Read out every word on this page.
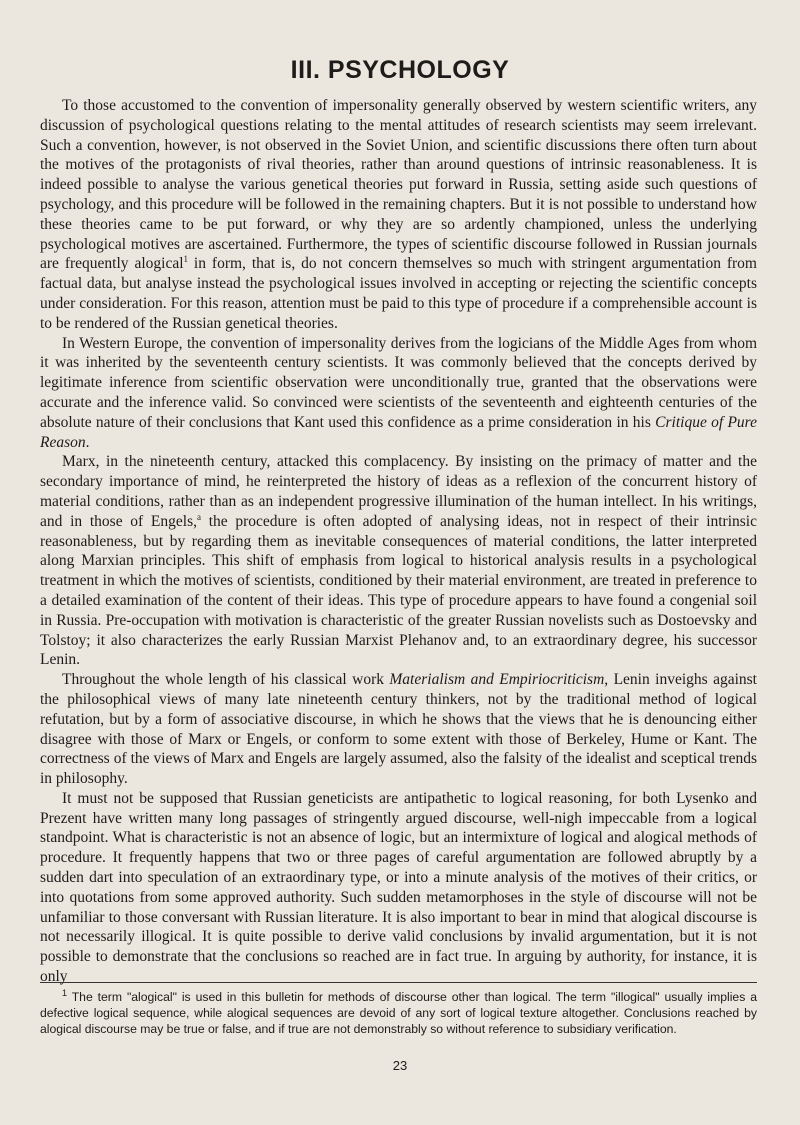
III. PSYCHOLOGY

To those accustomed to the convention of impersonality generally observed by western scientific writers, any discussion of psychological questions relating to the mental attitudes of research scientists may seem irrelevant. Such a convention, however, is not observed in the Soviet Union, and scientific discussions there often turn about the motives of the protagonists of rival theories, rather than around questions of intrinsic reasonableness. It is indeed possible to analyse the various genetical theories put forward in Russia, setting aside such questions of psychology, and this procedure will be followed in the remaining chapters. But it is not possible to understand how these theories came to be put forward, or why they are so ardently championed, unless the underlying psychological motives are ascertained. Furthermore, the types of scientific discourse followed in Russian journals are frequently alogical$^1$ in form, that is, do not concern themselves so much with stringent argumentation from factual data, but analyse instead the psychological issues involved in accepting or rejecting the scientific concepts under consideration. For this reason, attention must be paid to this type of procedure if a comprehensible account is to be rendered of the Russian genetical theories.

In Western Europe, the convention of impersonality derives from the logicians of the Middle Ages from whom it was inherited by the seventeenth century scientists. It was commonly believed that the concepts derived by legitimate inference from scientific observation were unconditionally true, granted that the observations were accurate and the inference valid. So convinced were scientists of the seventeenth and eighteenth centuries of the absolute nature of their conclusions that Kant used this confidence as a prime consideration in his Critique of Pure Reason.

Marx, in the nineteenth century, attacked this complacency. By insisting on the primacy of matter and the secondary importance of mind, he reinterpreted the history of ideas as a reflexion of the concurrent history of material conditions, rather than as an independent progressive illumination of the human intellect. In his writings, and in those of Engels,$^a$ the procedure is often adopted of analysing ideas, not in respect of their intrinsic reasonableness, but by regarding them as inevitable consequences of material conditions, the latter interpreted along Marxian principles. This shift of emphasis from logical to historical analysis results in a psychological treatment in which the motives of scientists, conditioned by their material environment, are treated in preference to a detailed examination of the content of their ideas. This type of procedure appears to have found a congenial soil in Russia. Pre-occupation with motivation is characteristic of the greater Russian novelists such as Dostoevsky and Tolstoy; it also characterizes the early Russian Marxist Plehanov and, to an extraordinary degree, his successor Lenin.

Throughout the whole length of his classical work Materialism and Empiriocriticism, Lenin inveighs against the philosophical views of many late nineteenth century thinkers, not by the traditional method of logical refutation, but by a form of associative discourse, in which he shows that the views that he is denouncing either disagree with those of Marx or Engels, or conform to some extent with those of Berkeley, Hume or Kant. The correctness of the views of Marx and Engels are largely assumed, also the falsity of the idealist and sceptical trends in philosophy.

It must not be supposed that Russian geneticists are antipathetic to logical reasoning, for both Lysenko and Prezent have written many long passages of stringently argued discourse, well-nigh impeccable from a logical standpoint. What is characteristic is not an absence of logic, but an intermixture of logical and alogical methods of procedure. It frequently happens that two or three pages of careful argumentation are followed abruptly by a sudden dart into speculation of an extraordinary type, or into a minute analysis of the motives of their critics, or into quotations from some approved authority. Such sudden metamorphoses in the style of discourse will not be unfamiliar to those conversant with Russian literature. It is also important to bear in mind that alogical discourse is not necessarily illogical. It is quite possible to derive valid conclusions by invalid argumentation, but it is not possible to demonstrate that the conclusions so reached are in fact true. In arguing by authority, for instance, it is only

$^1$ The term "alogical" is used in this bulletin for methods of discourse other than logical. The term "illogical" usually implies a defective logical sequence, while alogical sequences are devoid of any sort of logical texture altogether. Conclusions reached by alogical discourse may be true or false, and if true are not demonstrably so without reference to subsidiary verification.

23
